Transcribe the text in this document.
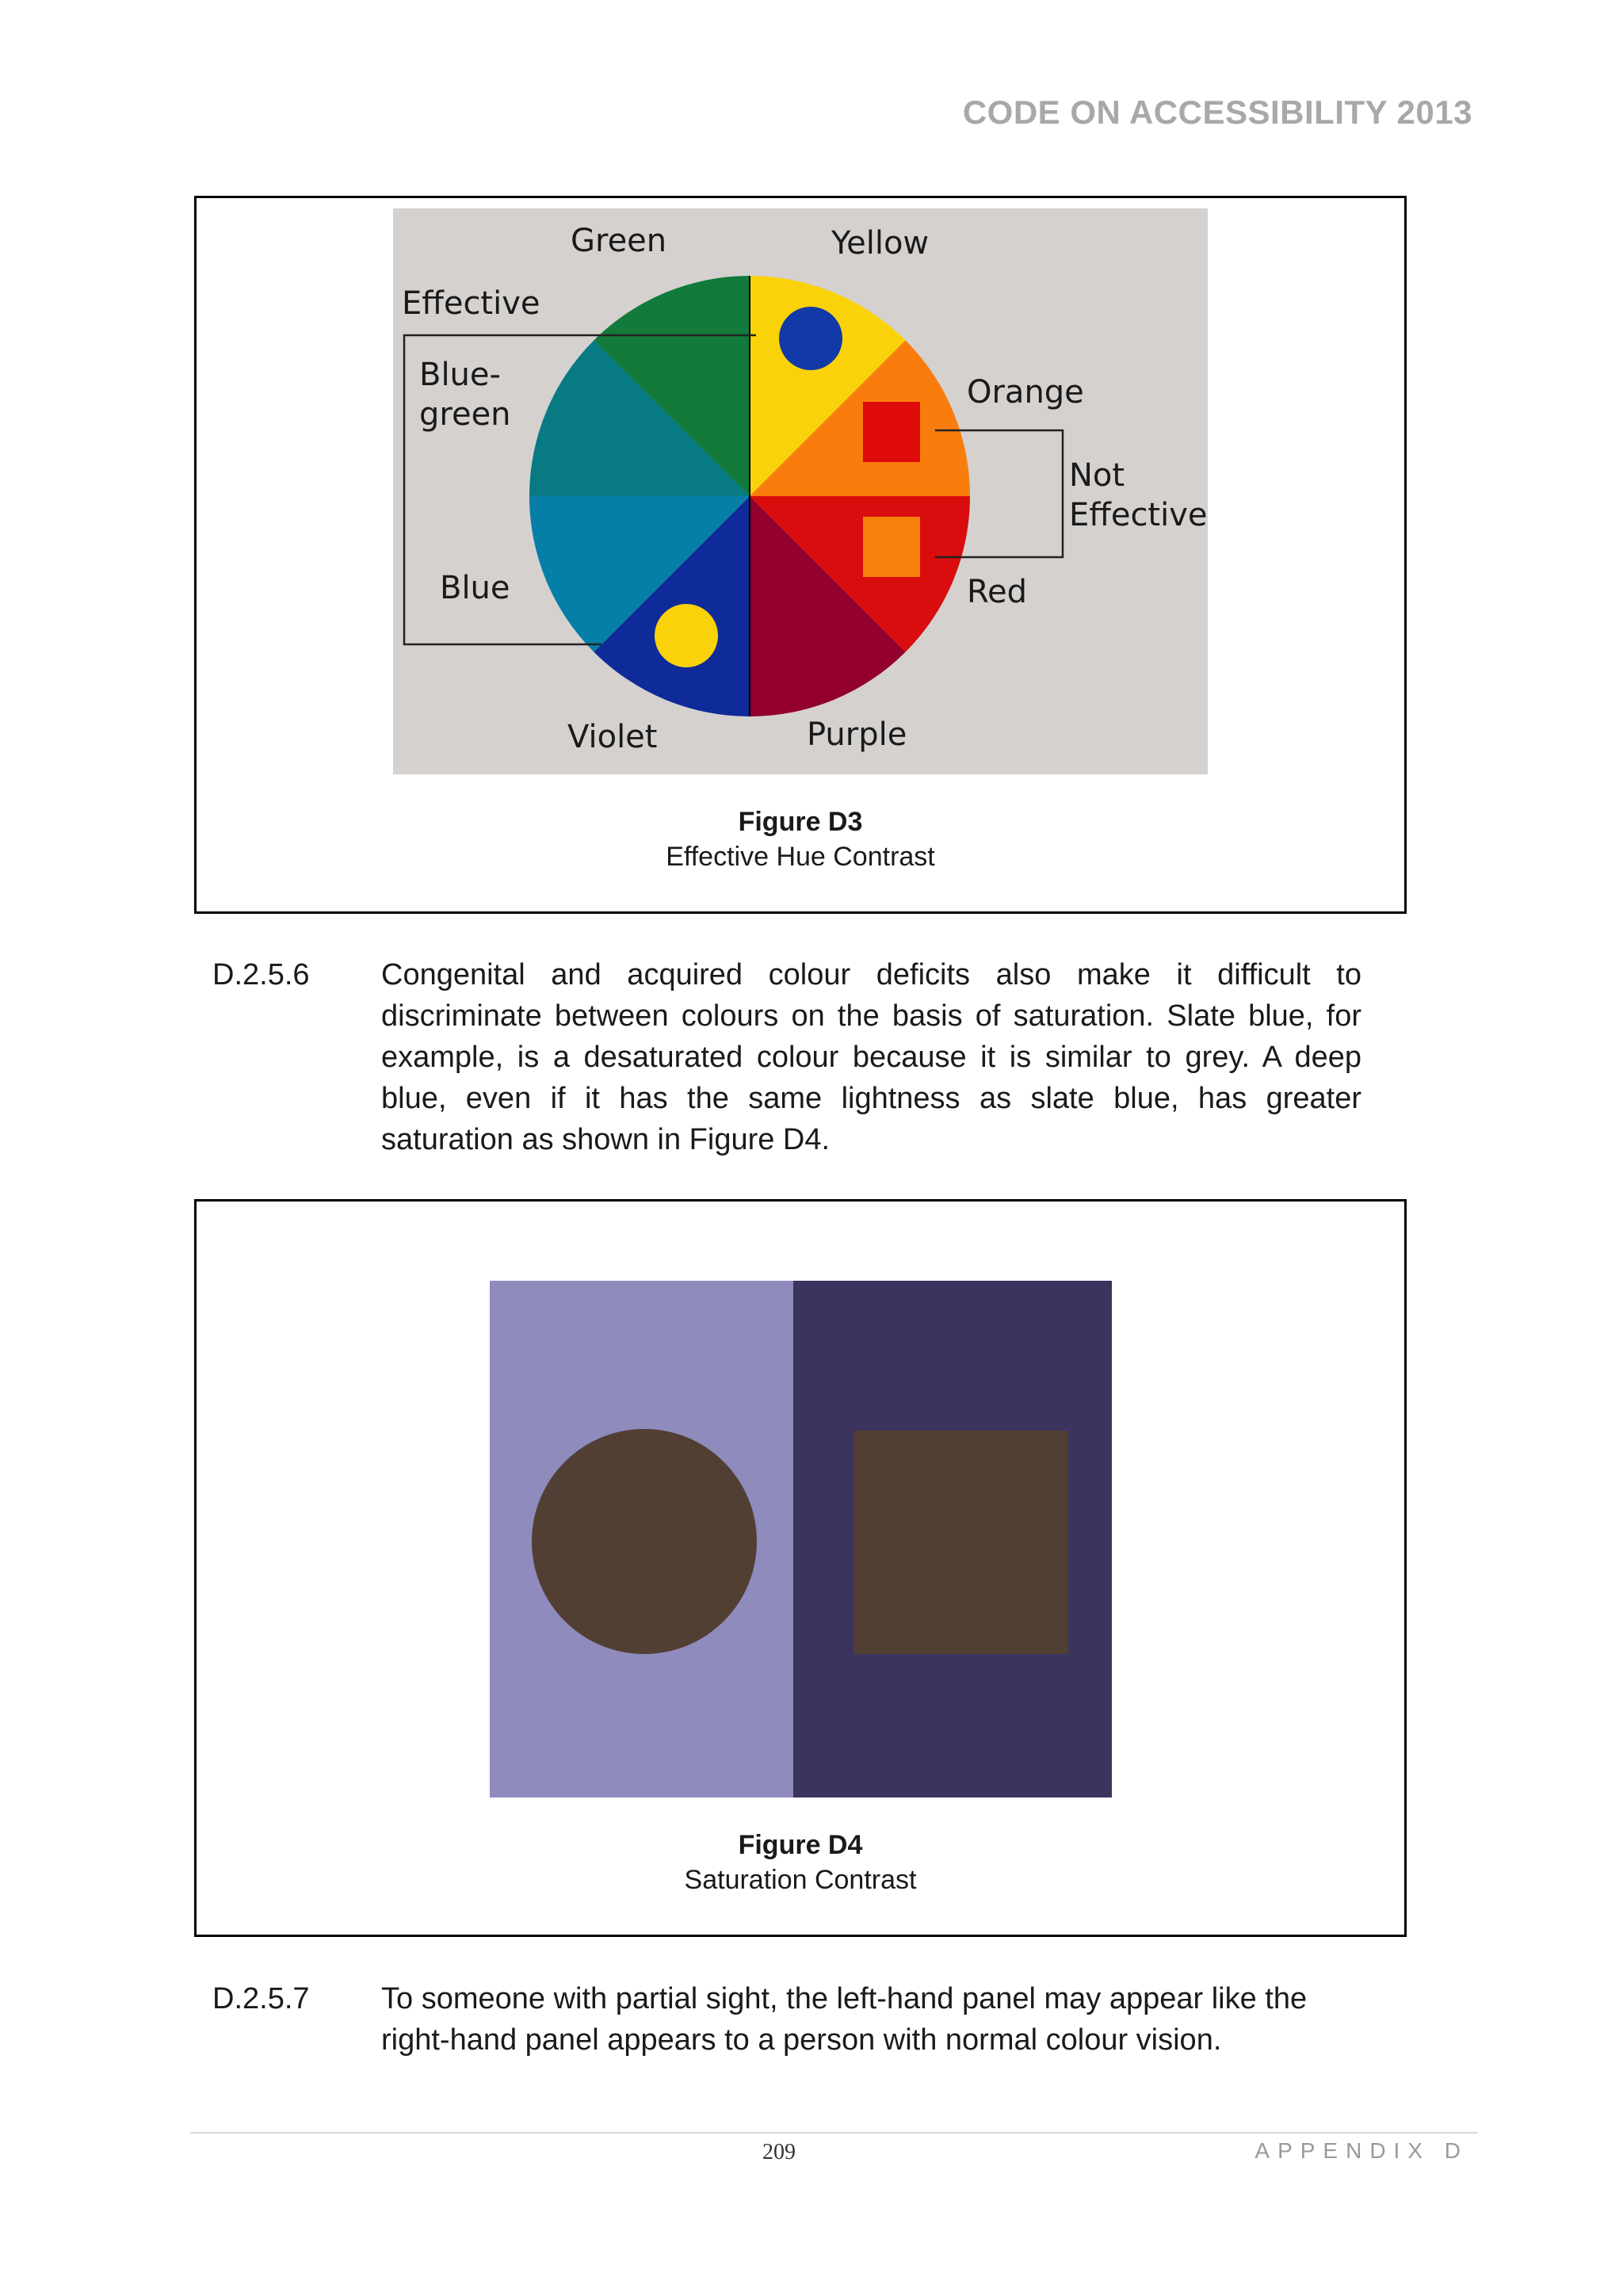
CODE ON ACCESSIBILITY 2013
Green	Yellow
Effective
Blue-
green
Orange
Not
Effective
Blue	Red
Violet	Purple
Figure D3
Effective Hue Contrast
D.2.5.6 Congenital and acquired colour deficits also make it difficult to discriminate between colours on the basis of saturation. Slate blue, for example, is a desaturated colour because it is similar to grey. A deep blue, even if it has the same lightness as slate blue, has greater saturation as shown in Figure D4.
Figure D4
Saturation Contrast
D.2.5.7 To someone with partial sight, the left-hand panel may appear like the right-hand panel appears to a person with normal colour vision.
209	APPENDIX D
